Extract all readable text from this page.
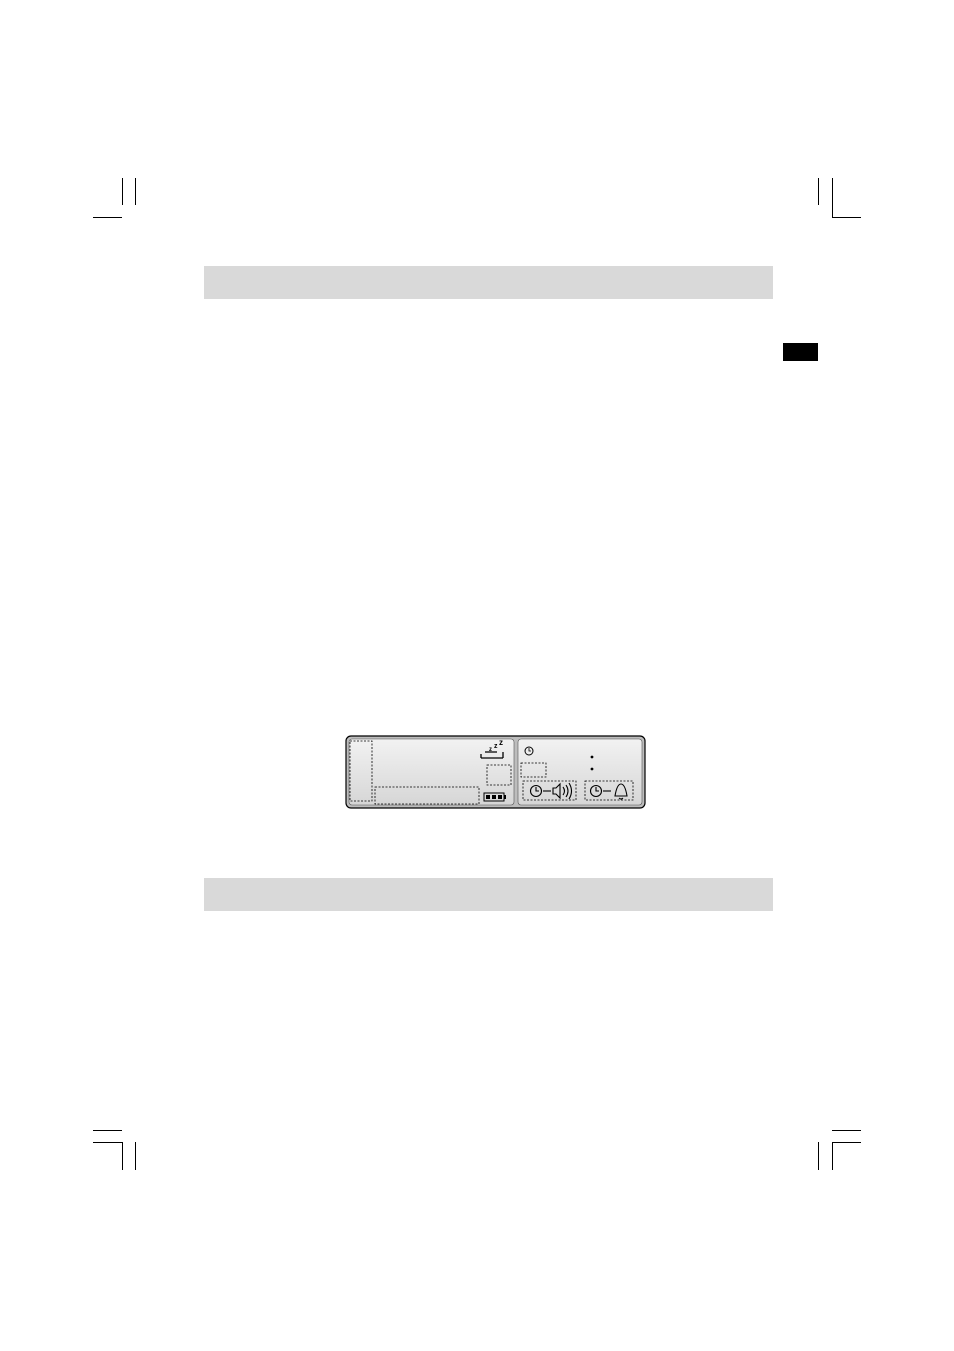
z z z
